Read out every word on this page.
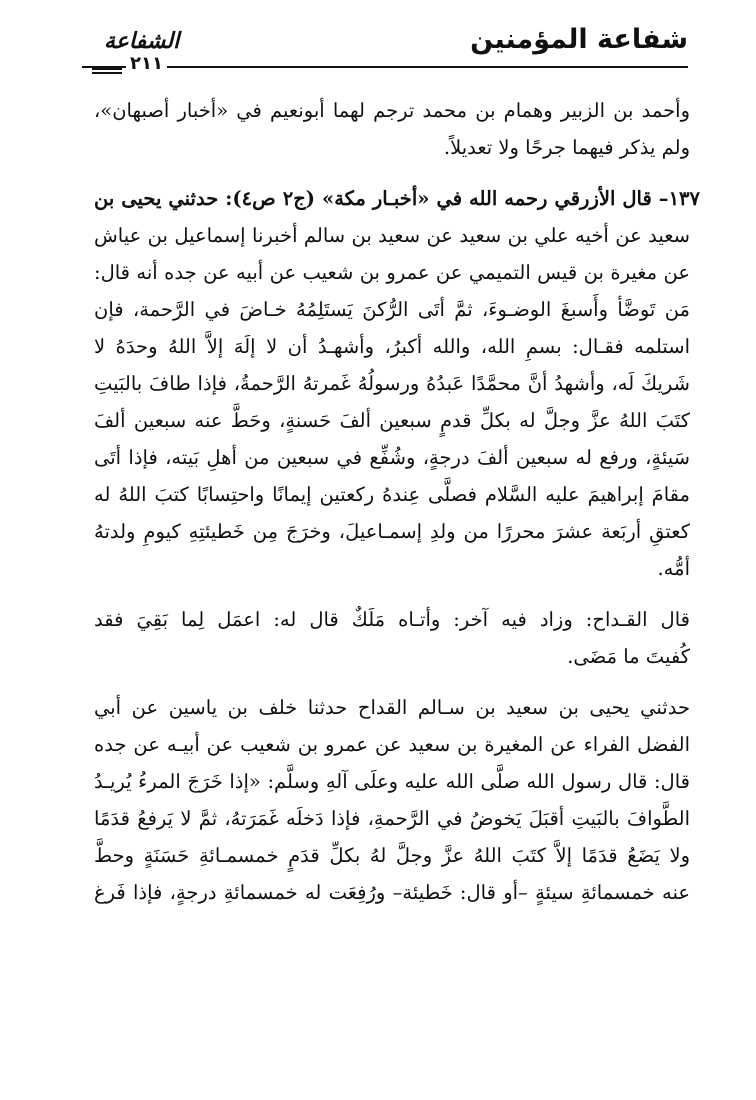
شفاعة المؤمنين
الشفاعة
٢١١
وأحمد بن الزبير وهمام بن محمد ترجم لهما أبونعيم في «أخبار أصبهان»،
ولم يذكر فيهما جرحًا ولا تعديلاً.
١٣٧– قال الأزرقي رحمه الله في «أخبـار مكة» (ج٢ ص٤): حدثني يحيى بن
سعيد عن أخيه علي بن سعيد عن سعيد بن سالم أخبرنا إسماعيل بن عياش
عن مغيرة بن قيس التميمي عن عمرو بن شعيب عن أبيه عن جده أنه قال:
مَن تَوضَّأ وأَسبغَ الوضـوءَ، ثمَّ أتَى الرُّكنَ يَستَلِمُهُ خـاضَ في الرَّحمة، فإن
استلمه فقـال: بسمِ الله، والله أكبرُ، وأشهـدُ أن لا إلَهَ إلاَّ اللهُ وحدَهُ لا
شَريكَ لَه، وأشهدُ أنَّ محمَّدًا عَبدُهُ ورسولُهُ غَمرتهُ الرَّحمةُ، فإذا طافَ بالبَيتِ
كتَبَ اللهُ عزَّ وجلَّ له بكلِّ قدمٍ سبعين ألفَ حَسنةٍ، وحَطَّ عنه سبعين ألفَ
سَيئةٍ، ورفع له سبعين ألفَ درجةٍ، وشُفِّع في سبعين من أهلِ بَيته، فإذا أتَى
مقامَ إبراهيمَ عليه السَّلام فصلَّى عِندهُ ركعتين إيمانًا واحتِسابًا كتبَ اللهُ له
كعتقِ أربَعة عشرَ محررًا من ولدِ إسمـاعيلَ، وخرَجَ مِن خَطيئتِهِ كيومِ ولدتهُ
أمُّه.
قال القـداح: وزاد فيه آخر: وأتـاه مَلَكٌ قال له: اعمَل لِما بَقِيَ فقد
كُفيتَ ما مَضَى.
حدثني يحيى بن سعيد بن سـالم القداح حدثنا خلف بن ياسين عن أبي
الفضل الفراء عن المغيرة بن سعيد عن عمرو بن شعيب عن أبيـه عن جده
قال: قال رسول الله صلَّى الله عليه وعلَى آلهِ وسلَّم: «إذا خَرَجَ المرءُ يُريـدُ
الطَّوافَ بالبَيتِ أقبَلَ يَخوضُ في الرَّحمةِ، فإذا دَخلَه غَمَرَتهُ، ثمَّ لا يَرفعُ قدَمًا
ولا يَضَعُ قدَمًا إلاَّ كتَبَ اللهُ عزَّ وجلَّ لهُ بكلِّ قدَمٍ خمسمـائةِ حَسَنَةٍ وحطَّ
عنه خمسمائةِ سيئةٍ –أو قال: خَطيئة– ورُفِعَت له خمسمائةِ درجةٍ، فإذا فَرغ
